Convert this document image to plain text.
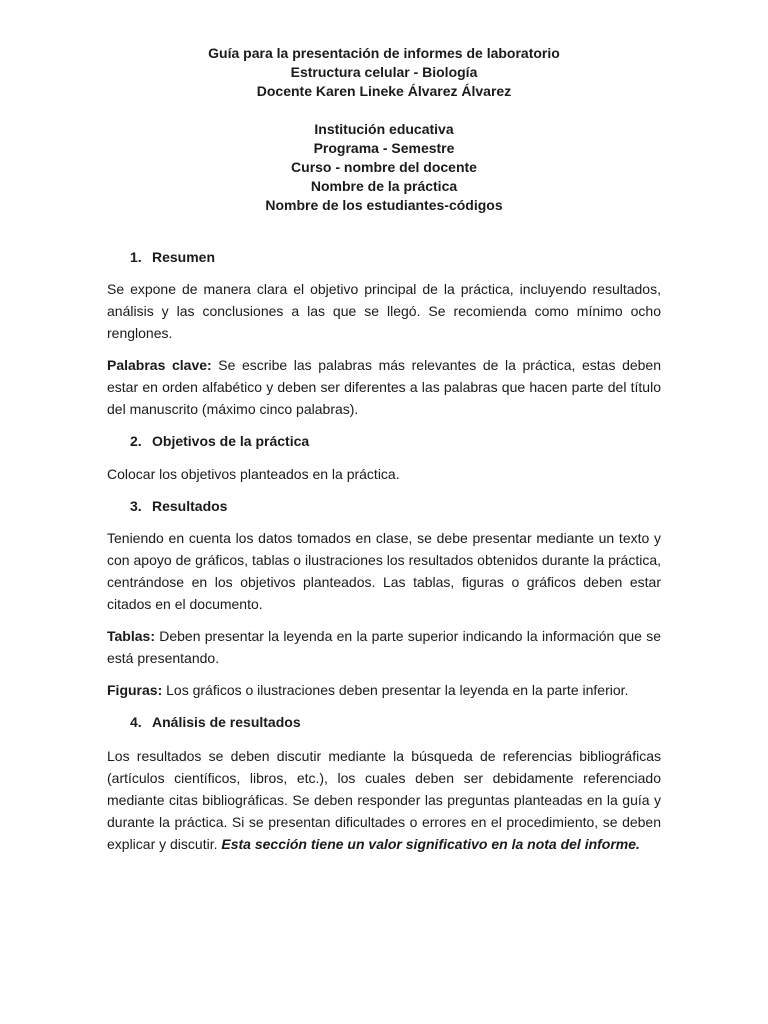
Guía para la presentación de informes de laboratorio
Estructura celular - Biología
Docente Karen Lineke Álvarez Álvarez
Institución educativa
Programa - Semestre
Curso - nombre del docente
Nombre de la práctica
Nombre de los estudiantes-códigos
1. Resumen

Se expone de manera clara el objetivo principal de la práctica, incluyendo resultados, análisis y las conclusiones a las que se llegó. Se recomienda como mínimo ocho renglones.

Palabras clave: Se escribe las palabras más relevantes de la práctica, estas deben estar en orden alfabético y deben ser diferentes a las palabras que hacen parte del título del manuscrito (máximo cinco palabras).

2. Objetivos de la práctica

Colocar los objetivos planteados en la práctica.

3. Resultados

Teniendo en cuenta los datos tomados en clase, se debe presentar mediante un texto y con apoyo de gráficos, tablas o ilustraciones los resultados obtenidos durante la práctica, centrándose en los objetivos planteados. Las tablas, figuras o gráficos deben estar citados en el documento.

Tablas: Deben presentar la leyenda en la parte superior indicando la información que se está presentando.

Figuras: Los gráficos o ilustraciones deben presentar la leyenda en la parte inferior.

4. Análisis de resultados

Los resultados se deben discutir mediante la búsqueda de referencias bibliográficas (artículos científicos, libros, etc.), los cuales deben ser debidamente referenciado mediante citas bibliográficas. Se deben responder las preguntas planteadas en la guía y durante la práctica. Si se presentan dificultades o errores en el procedimiento, se deben explicar y discutir. Esta sección tiene un valor significativo en la nota del informe.
